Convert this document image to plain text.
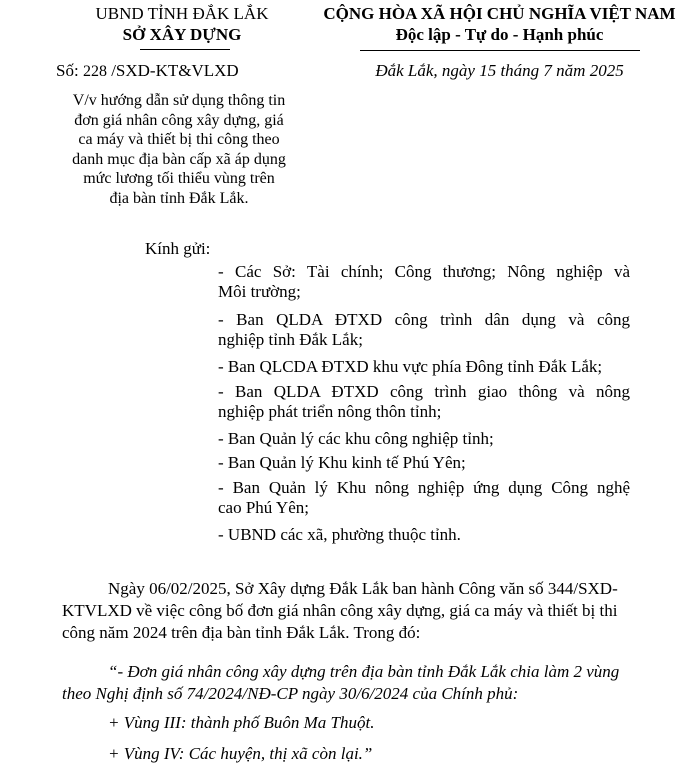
UBND TỈNH ĐẮK LẮK
SỞ XÂY DỰNG
Số: 228 /SXD-KT&VLXD
V/v hướng dẫn sử dụng thông tin
đơn giá nhân công xây dựng, giá
ca máy và thiết bị thi công theo
danh mục địa bàn cấp xã áp dụng
mức lương tối thiểu vùng trên
địa bàn tỉnh Đắk Lắk.
CỘNG HÒA XÃ HỘI CHỦ NGHĨA VIỆT NAM
Độc lập - Tự do - Hạnh phúc
Đắk Lắk, ngày 15 tháng 7 năm 2025
Kính gửi:
- Các Sở: Tài chính; Công thương; Nông nghiệp và
Môi trường;
- Ban QLDA ĐTXD công trình dân dụng và công
nghiệp tỉnh Đắk Lắk;
- Ban QLCDA ĐTXD khu vực phía Đông tỉnh Đắk Lắk;
- Ban QLDA ĐTXD công trình giao thông và nông
nghiệp phát triển nông thôn tỉnh;
- Ban Quản lý các khu công nghiệp tỉnh;
- Ban Quản lý Khu kinh tế Phú Yên;
- Ban Quản lý Khu nông nghiệp ứng dụng Công nghệ
cao Phú Yên;
- UBND các xã, phường thuộc tỉnh.
Ngày 06/02/2025, Sở Xây dựng Đắk Lắk ban hành Công văn số 344/SXD-
KTVLXD về việc công bố đơn giá nhân công xây dựng, giá ca máy và thiết bị thi
công năm 2024 trên địa bàn tỉnh Đắk Lắk. Trong đó:
“- Đơn giá nhân công xây dựng trên địa bàn tỉnh Đắk Lắk chia làm 2 vùng
theo Nghị định số 74/2024/NĐ-CP ngày 30/6/2024 của Chính phủ:
+ Vùng III: thành phố Buôn Ma Thuột.
+ Vùng IV: Các huyện, thị xã còn lại.”
